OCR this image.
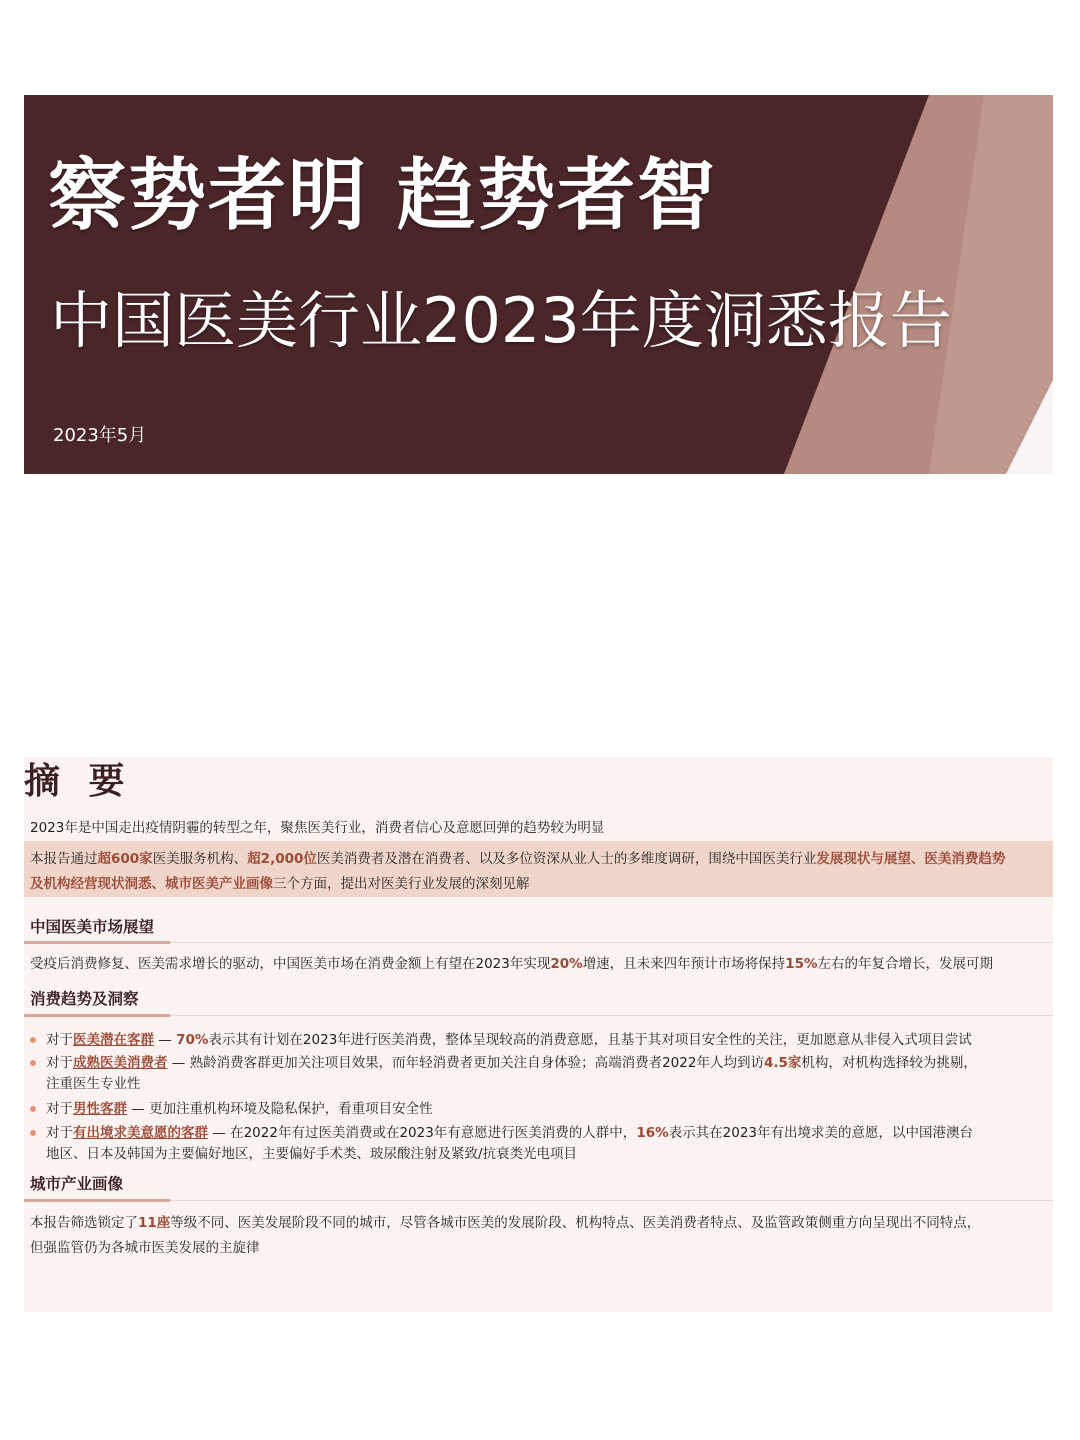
察势者明 趋势者智
中国医美行业2023年度洞悉报告
2023年5月
摘 要
2023年是中国走出疫情阴霾的转型之年，聚焦医美行业，消费者信心及意愿回弹的趋势较为明显
本报告通过超600家医美服务机构、超2,000位医美消费者及潜在消费者、以及多位资深从业人士的多维度调研，围绕中国医美行业发展现状与展望、医美消费趋势
及机构经营现状洞悉、城市医美产业画像三个方面，提出对医美行业发展的深刻见解
中国医美市场展望
受疫后消费修复、医美需求增长的驱动，中国医美市场在消费金额上有望在2023年实现20%增速，且未来四年预计市场将保持15%左右的年复合增长，发展可期
消费趋势及洞察
对于医美潜在客群 — 70%表示其有计划在2023年进行医美消费，整体呈现较高的消费意愿，且基于其对项目安全性的关注，更加愿意从非侵入式项目尝试
对于成熟医美消费者 — 熟龄消费客群更加关注项目效果，而年轻消费者更加关注自身体验；高端消费者2022年人均到访4.5家机构，对机构选择较为挑剔，
注重医生专业性
对于男性客群 — 更加注重机构环境及隐私保护，看重项目安全性
对于有出境求美意愿的客群 — 在2022年有过医美消费或在2023年有意愿进行医美消费的人群中，16%表示其在2023年有出境求美的意愿，以中国港澳台
地区、日本及韩国为主要偏好地区，主要偏好手术类、玻尿酸注射及紧致/抗衰类光电项目
城市产业画像
本报告筛选锁定了11座等级不同、医美发展阶段不同的城市，尽管各城市医美的发展阶段、机构特点、医美消费者特点、及监管政策侧重方向呈现出不同特点，
但强监管仍为各城市医美发展的主旋律
